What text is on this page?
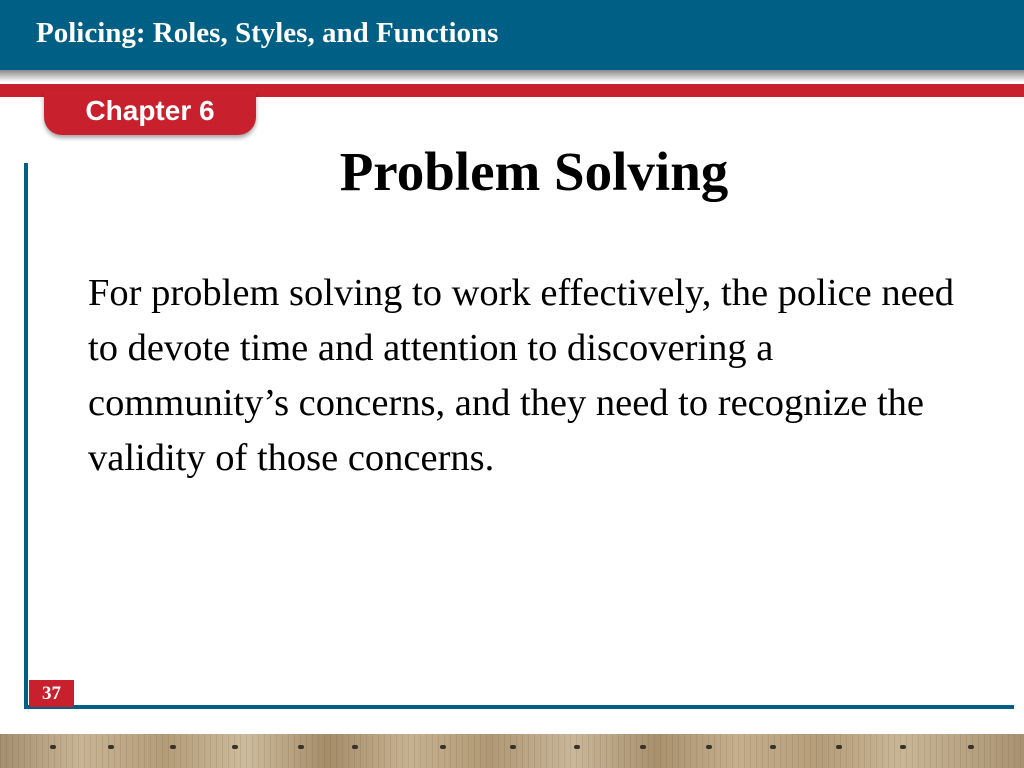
Policing: Roles, Styles, and Functions
Chapter 6
Problem Solving
For problem solving to work effectively, the police need to devote time and attention to discovering a community’s concerns, and they need to recognize the validity of those concerns.
37
